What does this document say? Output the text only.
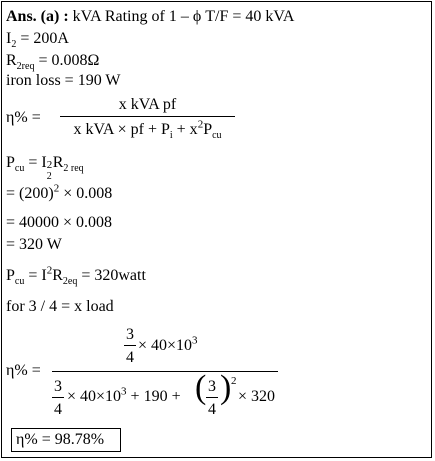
Ans. (a) : kVA Rating of 1 – ϕ T/F = 40 kVA
$I_2 = 200A$
$R_{2req} = 0.008\Omega$
iron loss = 190 W
η% =
x kVA pf
x kVA × pf + $P_i + x^2P_{cu}$
$P_{cu} = I$ 2
2
$R_{2 req}$
= $(200)^2 \times 0.008$
= 40000 × 0.008
= 320 W
$P_{cu} = I^2R_{2eq}$ = 320watt
for 3 / 4 = x load
η% =
3
4
× $40\times 10^3$
3
4
× $40\times 10^3 + 190$ + ( 3
4
) 2
× 320
η% = 98.78%
